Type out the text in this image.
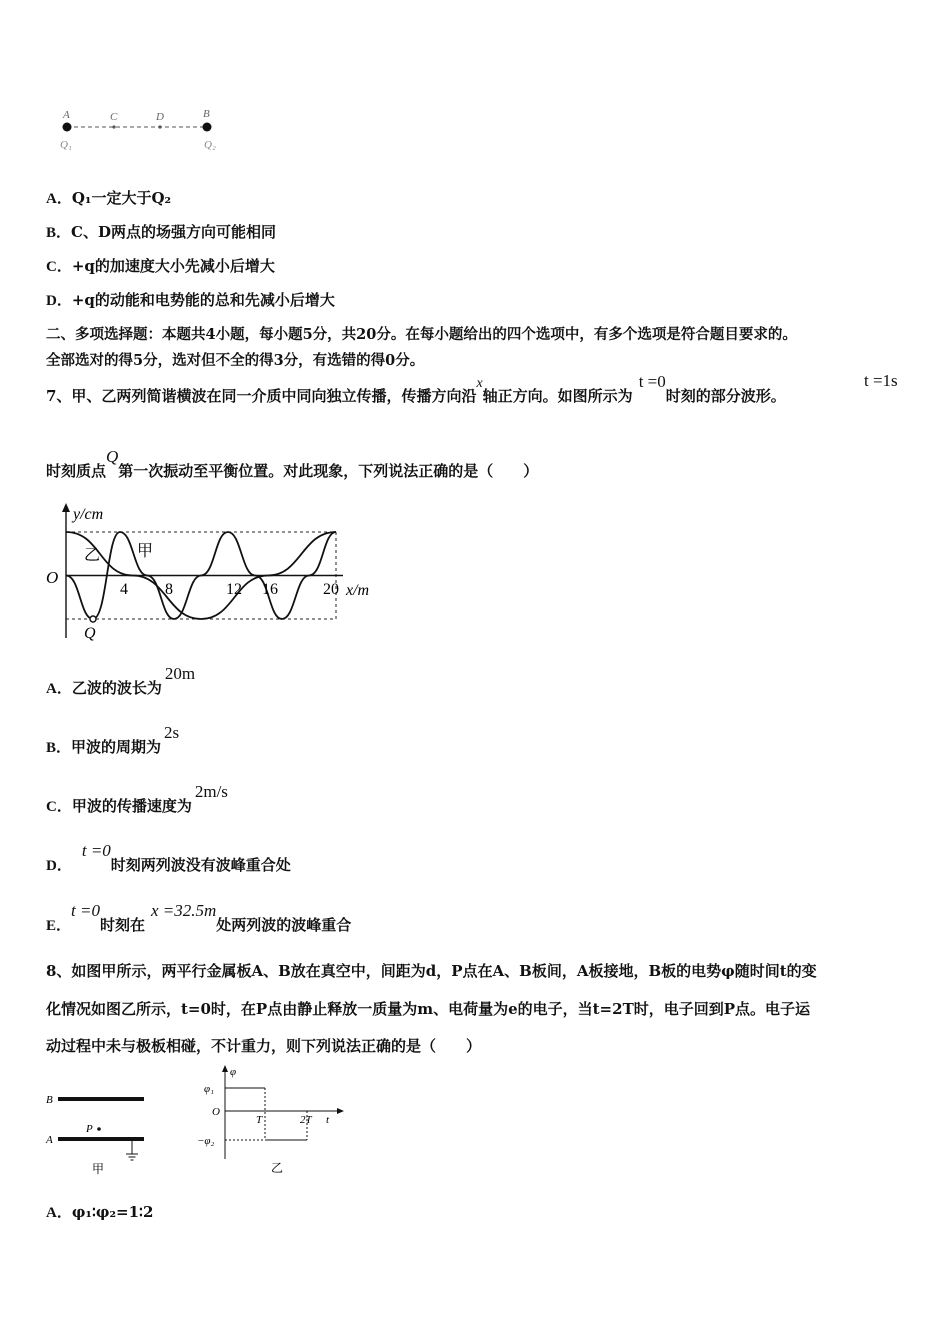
A	C	D	B
Q₁	Q₂
A．Q₁一定大于Q₂
B．C、D两点的场强方向可能相同
C．+q的加速度大小先减小后增大
D．+q的动能和电势能的总和先减小后增大
二、多项选择题：本题共4小题，每小题5分，共20分。在每小题给出的四个选项中，有多个选项是符合题目要求的。
全部选对的得5分，选对但不全的得3分，有选错的得0分。
7、甲、乙两列简谐横波在同一介质中同向独立传播，传播方向沿x轴正方向。如图所示为t =0时刻的部分波形。
t =1s
时刻质点Q第一次振动至平衡位置。对此现象，下列说法正确的是（　　）
y/cm
x/m
O
4 8	12 16	20
乙 甲
Q
A．乙波的波长为20m
B．甲波的周期为2s
C．甲波的传播速度为2m/s
D．t =0时刻两列波没有波峰重合处
E．t =0时刻在x =32.5m处两列波的波峰重合
8、如图甲所示，两平行金属板A、B放在真空中，间距为d，P点在A、B板间，A板接地，B板的电势φ随时间t的变
化情况如图乙所示，t=0时，在P点由静止释放一质量为m、电荷量为e的电子，当t=2T时，电子回到P点。电子运
动过程中未与极板相碰，不计重力，则下列说法正确的是（　　）
B
A
P
甲
φ
φ₁
O
−φ₂
T	2T t
乙
A．φ₁∶φ₂=1∶2
